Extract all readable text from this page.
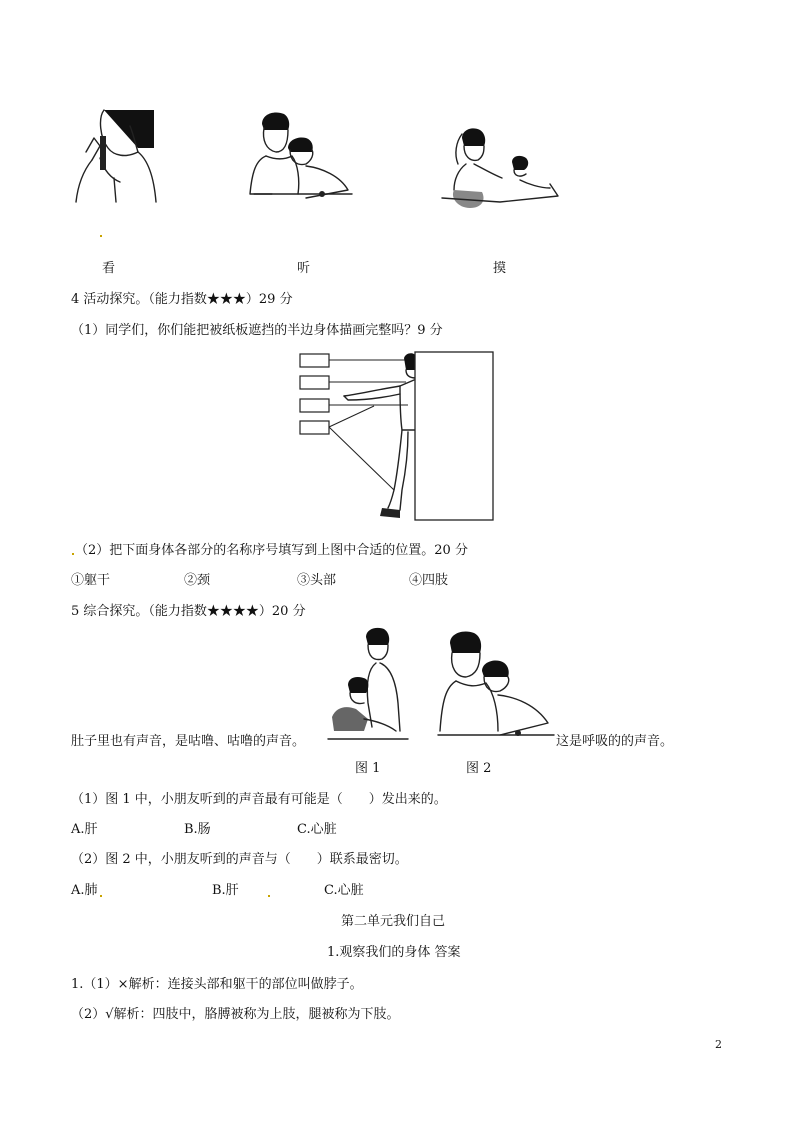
看	听	摸
4 活动探究。（能力指数★★★）29 分
（1）同学们，你们能把被纸板遮挡的半边身体描画完整吗？9 分
（2）把下面身体各部分的名称序号填写到上图中合适的位置。20 分
①躯干	②颈	③头部	④四肢
5 综合探究。（能力指数★★★★）20 分
肚子里也有声音，是咕噜、咕噜的声音。	这是呼吸的的声音。
图 1	图 2
（1）图 1 中，小朋友听到的声音最有可能是（　　）发出来的。
A.肝	B.肠	C.心脏
（2）图 2 中，小朋友听到的声音与（　　）联系最密切。
A.肺	B.肝	C.心脏
第二单元我们自己
1.观察我们的身体 答案
1.（1）×解析：连接头部和躯干的部位叫做脖子。
（2）√解析：四肢中，胳膊被称为上肢，腿被称为下肢。
2
